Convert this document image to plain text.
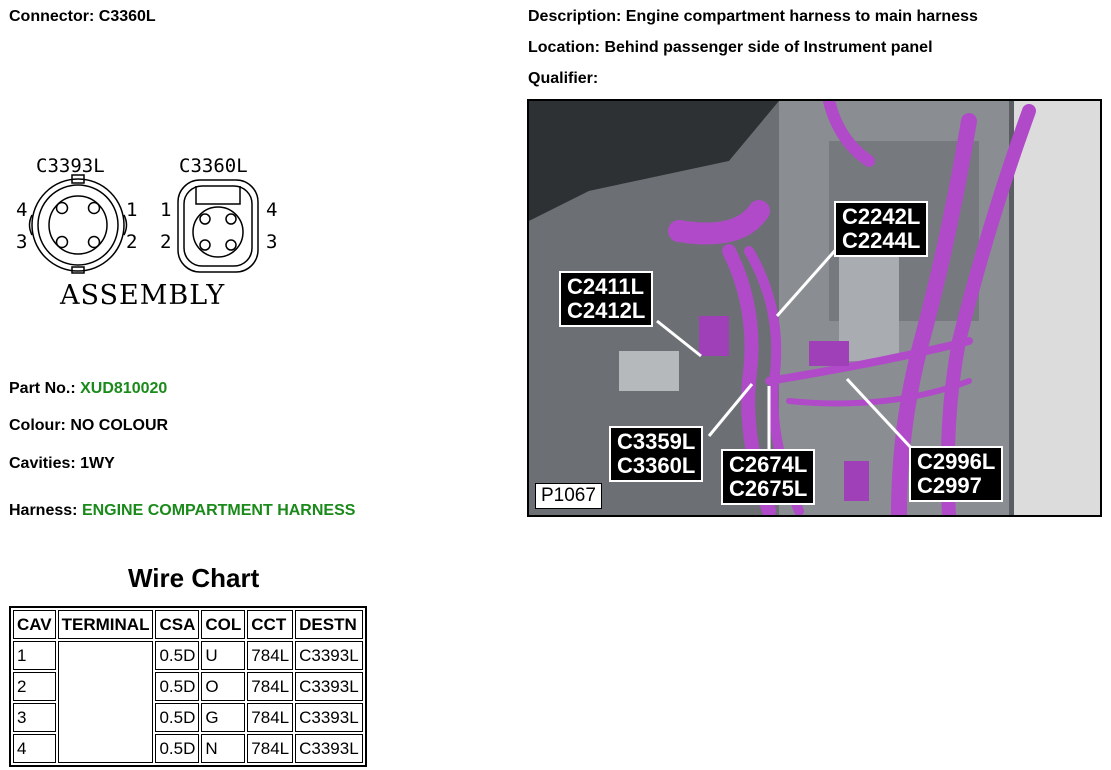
Connector: C3360L	Description: Engine compartment harness to main harness
Location: Behind passenger side of Instrument panel
Qualifier:
C3393L	C3360L
4
3
1
2
1
2
4
3
ASSEMBLY
Part No.: XUD810020
Colour: NO COLOUR
Cavities: 1WY
Harness: ENGINE COMPARTMENT HARNESS
Wire Chart
CAV	TERMINAL	CSA	COL	CCT	DESTN
1		0.5D	U	784L	C3393L
2		0.5D	O	784L	C3393L
3		0.5D	G	784L	C3393L
4		0.5D	N	784L	C3393L
C2242L
C2244L
C2411L
C2412L
C3359L
C3360L C2674L
C2675L
C2996L
C2997
P1067
